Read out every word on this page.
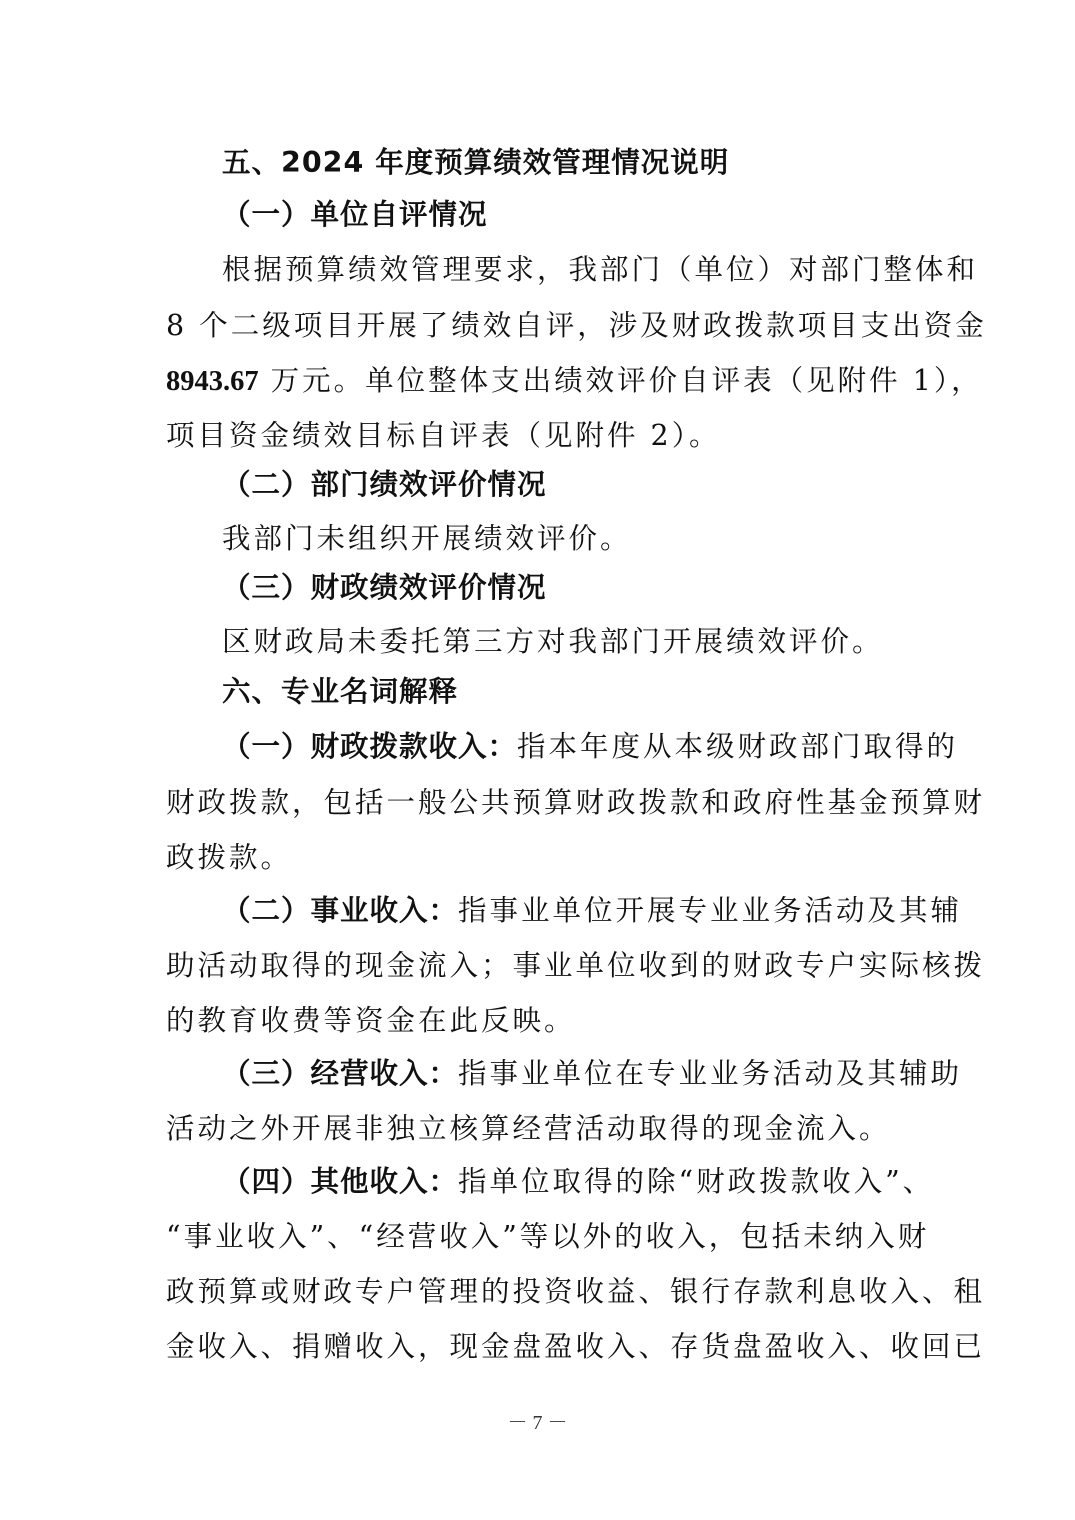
五、2024 年度预算绩效管理情况说明
（一）单位自评情况
根据预算绩效管理要求，我部门（单位）对部门整体和
8 个二级项目开展了绩效自评，涉及财政拨款项目支出资金
8943.67 万元。单位整体支出绩效评价自评表（见附件 1），
项目资金绩效目标自评表（见附件 2）。
（二）部门绩效评价情况
我部门未组织开展绩效评价。
（三）财政绩效评价情况
区财政局未委托第三方对我部门开展绩效评价。
六、专业名词解释
（一）财政拨款收入：指本年度从本级财政部门取得的
财政拨款，包括一般公共预算财政拨款和政府性基金预算财
政拨款。
（二）事业收入：指事业单位开展专业业务活动及其辅
助活动取得的现金流入；事业单位收到的财政专户实际核拨
的教育收费等资金在此反映。
（三）经营收入：指事业单位在专业业务活动及其辅助
活动之外开展非独立核算经营活动取得的现金流入。
（四）其他收入：指单位取得的除“财政拨款收入”、
“事业收入”、“经营收入”等以外的收入，包括未纳入财
政预算或财政专户管理的投资收益、银行存款利息收入、租
金收入、捐赠收入，现金盘盈收入、存货盘盈收入、收回已
－ 7 －
